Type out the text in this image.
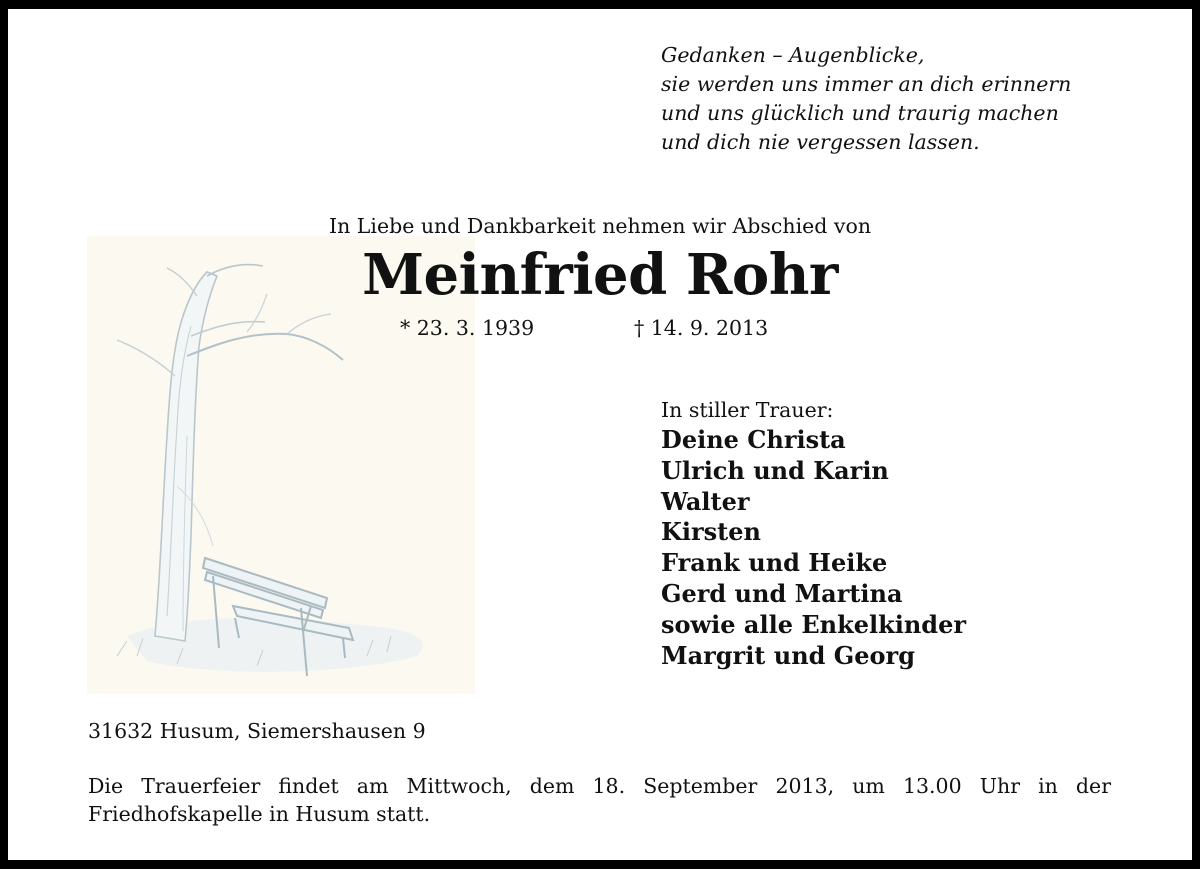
Gedanken – Augenblicke,
sie werden uns immer an dich erinnern
und uns glücklich und traurig machen
und dich nie vergessen lassen.
In Liebe und Dankbarkeit nehmen wir Abschied von
Meinfried Rohr
* 23. 3. 1939	† 14. 9. 2013
In stiller Trauer:
Deine Christa
Ulrich und Karin
Walter
Kirsten
Frank und Heike
Gerd und Martina
sowie alle Enkelkinder
Margrit und Georg
31632 Husum, Siemershausen 9
Die Trauerfeier findet am Mittwoch, dem 18. September 2013, um 13.00 Uhr in der Friedhofskapelle in Husum statt.
